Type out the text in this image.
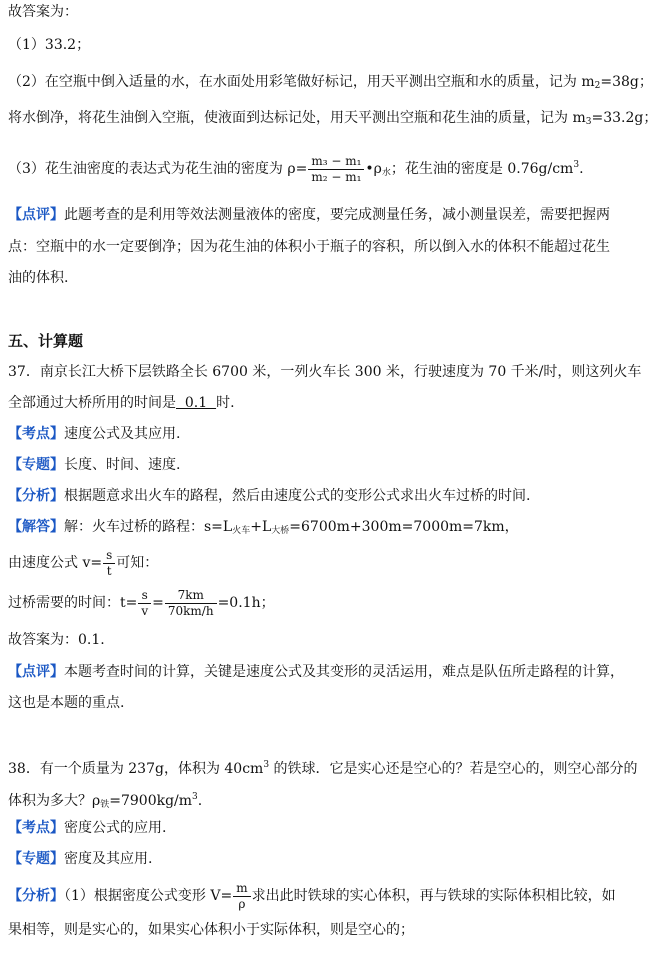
故答案为：
（1）33.2；
（2）在空瓶中倒入适量的水，在水面处用彩笔做好标记，用天平测出空瓶和水的质量，记为 $m_2=38g$；
将水倒净，将花生油倒入空瓶，使液面到达标记处，用天平测出空瓶和花生油的质量，记为 $m_3=33.2g$；
（3）花生油密度的表达式为花生油的密度为 $\rho= \frac{\text{m₃ − m₁}}{\text{m₂ − m₁}}$ $•\rho_水$；花生油的密度是 $0.76g/cm^3$.
【点评】此题考查的是利用等效法测量液体的密度，要完成测量任务，减小测量误差，需要把握两
点：空瓶中的水一定要倒净；因为花生油的体积小于瓶子的容积，所以倒入水的体积不能超过花生
油的体积.
五、计算题
37．南京长江大桥下层铁路全长 6700 米，一列火车长 300 米，行驶速度为 70 千米/时，则这列火车
全部通过大桥所用的时间是  0.1  时.
【考点】速度公式及其应用.
【专题】长度、时间、速度.
【分析】根据题意求出火车的路程，然后由速度公式的变形公式求出火车过桥的时间.
【解答】解：火车过桥的路程：$s=L_{火车}+L_{大桥}=6700m+300m=7000m=7km$，
由速度公式 $v= \frac{s}{t}$ 可知：
过桥需要的时间：$t= \frac{s}{v} = \frac{7km}{70km/h} =0.1h$；
故答案为：0.1.
【点评】本题考查时间的计算，关键是速度公式及其变形的灵活运用，难点是队伍所走路程的计算，
这也是本题的重点.
38．有一个质量为 237g，体积为 $40cm^3$ 的铁球．它是实心还是空心的？若是空心的，则空心部分的
体积为多大？$\rho_铁=7900kg/m^3$.
【考点】密度公式的应用.
【专题】密度及其应用.
【分析】（1）根据密度公式变形 $V= \frac{m}{\rho}$ 求出此时铁球的实心体积，再与铁球的实际体积相比较，如
果相等，则是实心的，如果实心体积小于实际体积，则是空心的；
